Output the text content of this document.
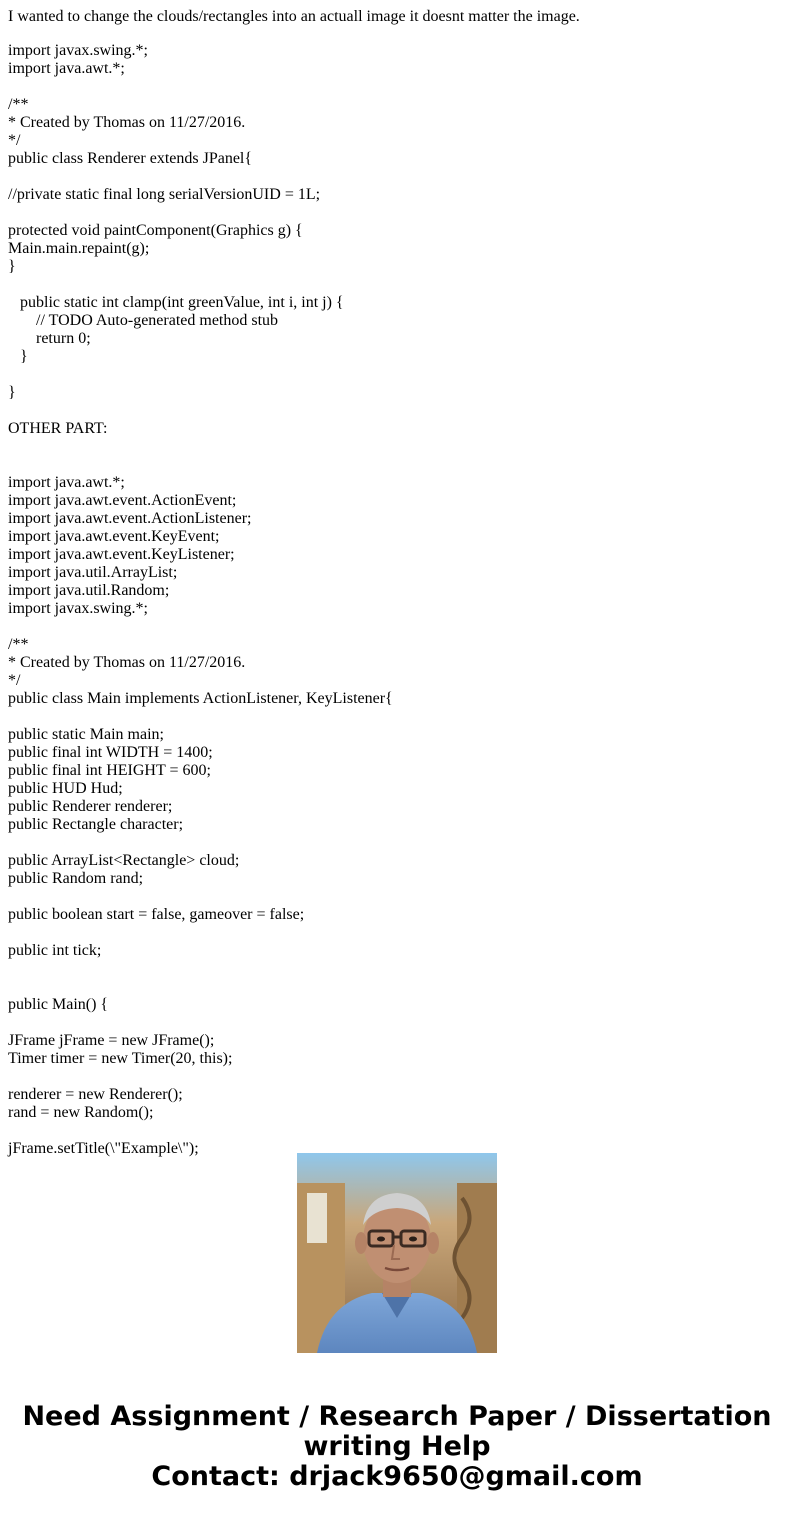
I wanted to change the clouds/rectangles into an actuall image it doesnt matter the image.

import javax.swing.*;
import java.awt.*;

/**
* Created by Thomas on 11/27/2016.
*/
public class Renderer extends JPanel{

//private static final long serialVersionUID = 1L;

protected void paintComponent(Graphics g) {
Main.main.repaint(g);
}

public static int clamp(int greenValue, int i, int j) {
// TODO Auto-generated method stub
return 0;
}

}

OTHER PART:

import java.awt.*;
import java.awt.event.ActionEvent;
import java.awt.event.ActionListener;
import java.awt.event.KeyEvent;
import java.awt.event.KeyListener;
import java.util.ArrayList;
import java.util.Random;
import javax.swing.*;

/**
* Created by Thomas on 11/27/2016.
*/
public class Main implements ActionListener, KeyListener{

public static Main main;
public final int WIDTH = 1400;
public final int HEIGHT = 600;
public HUD Hud;
public Renderer renderer;
public Rectangle character;

public ArrayList<Rectangle> cloud;
public Random rand;

public boolean start = false, gameover = false;

public int tick;

public Main() {

JFrame jFrame = new JFrame();
Timer timer = new Timer(20, this);

renderer = new Renderer();
rand = new Random();

jFrame.setTitle(\"Example\");
Need Assignment / Research Paper / Dissertation
writing Help
Contact: drjack9650@gmail.com
